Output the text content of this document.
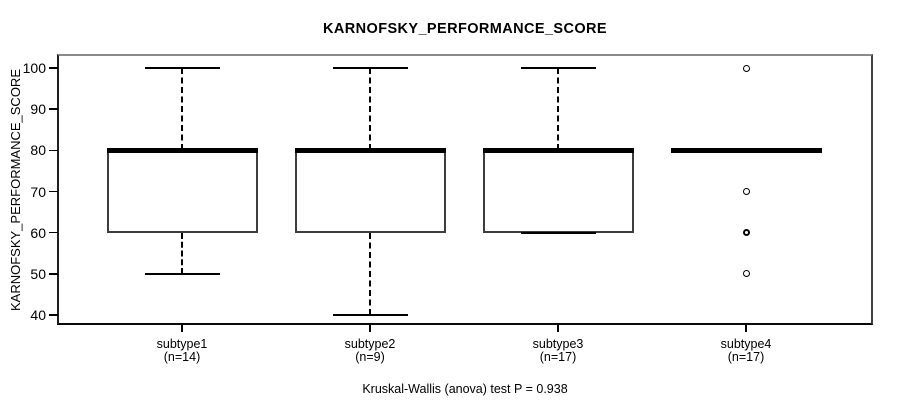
KARNOFSKY_PERFORMANCE_SCORE
KARNOFSKY_PERFORMANCE_SCORE
Kruskal-Wallis (anova) test P = 0.938
40
50
60
70
80
90
100
subtype1
(n=14)
subtype2
(n=9)
subtype3
(n=17)
subtype4
(n=17)
